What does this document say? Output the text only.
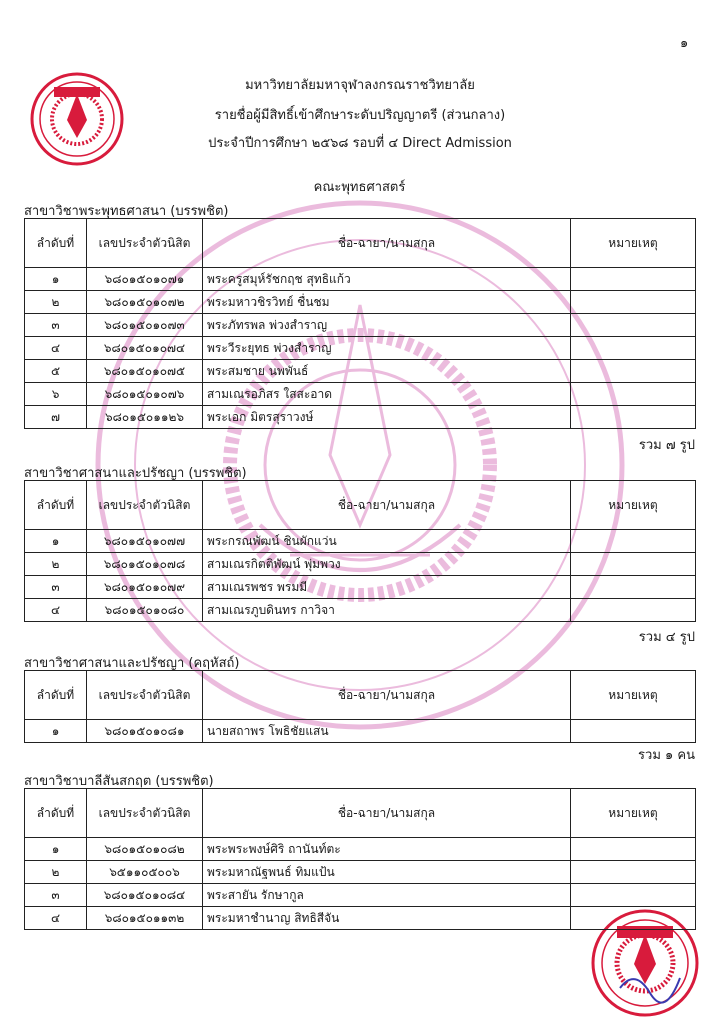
๑
มหาวิทยาลัยมหาจุฬาลงกรณราชวิทยาลัย
รายชื่อผู้มีสิทธิ์เข้าศึกษาระดับปริญญาตรี (ส่วนกลาง)
ประจำปีการศึกษา ๒๕๖๘ รอบที่ ๔ Direct Admission
คณะพุทธศาสตร์
สาขาวิชาพระพุทธศาสนา (บรรพชิต)
ลำดับที่	เลขประจำตัวนิสิต	ชื่อ-ฉายา/นามสกุล	หมายเหตุ
๑	๖๘๐๑๕๐๑๐๗๑	พระครูสมุห์รัชกฤช สุทธิแก้ว	
๒	๖๘๐๑๕๐๑๐๗๒	พระมหาวชิรวิทย์ ชื่นชม	
๓	๖๘๐๑๕๐๑๐๗๓	พระภัทรพล พ่วงสำราญ	
๔	๖๘๐๑๕๐๑๐๗๔	พระวีระยุทธ พ่วงสำราญ	
๕	๖๘๐๑๕๐๑๐๗๕	พระสมชาย นพพันธ์	
๖	๖๘๐๑๕๐๑๐๗๖	สามเณรอภิสร ใสสะอาด	
๗	๖๘๐๑๕๐๑๑๒๖	พระเอก มิตรสุราวงษ์	
รวม ๗ รูป
สาขาวิชาศาสนาและปรัชญา (บรรพชิต)
ลำดับที่	เลขประจำตัวนิสิต	ชื่อ-ฉายา/นามสกุล	หมายเหตุ
๑	๖๘๐๑๕๐๑๐๗๗	พระกรณพัฒน์ ชินผักแว่น	
๒	๖๘๐๑๕๐๑๐๗๘	สามเณรกิตติพัฒน์ พุ่มพวง	
๓	๖๘๐๑๕๐๑๐๗๙	สามเณรพชร พรมมี	
๔	๖๘๐๑๕๐๑๐๘๐	สามเณรภูบดินทร กาวิจา	
รวม ๔ รูป
สาขาวิชาศาสนาและปรัชญา (คฤหัสถ์)
ลำดับที่	เลขประจำตัวนิสิต	ชื่อ-ฉายา/นามสกุล	หมายเหตุ
๑	๖๘๐๑๕๐๑๐๘๑	นายสถาพร โพธิชัยแสน	
รวม ๑ คน
สาขาวิชาบาลีสันสกฤต (บรรพชิต)
ลำดับที่	เลขประจำตัวนิสิต	ชื่อ-ฉายา/นามสกุล	หมายเหตุ
๑	๖๘๐๑๕๐๑๐๘๒	พระพระพงษ์ศิริ ถานันท์ตะ	
๒	๖๕๑๑๐๕๐๐๖	พระมหาณัฐพนธ์ ทิมแป้น	
๓	๖๘๐๑๕๐๑๐๘๔	พระสายัน รักษากูล	
๔	๖๘๐๑๕๐๑๑๓๒	พระมหาชำนาญ สิทธิสีจัน	
